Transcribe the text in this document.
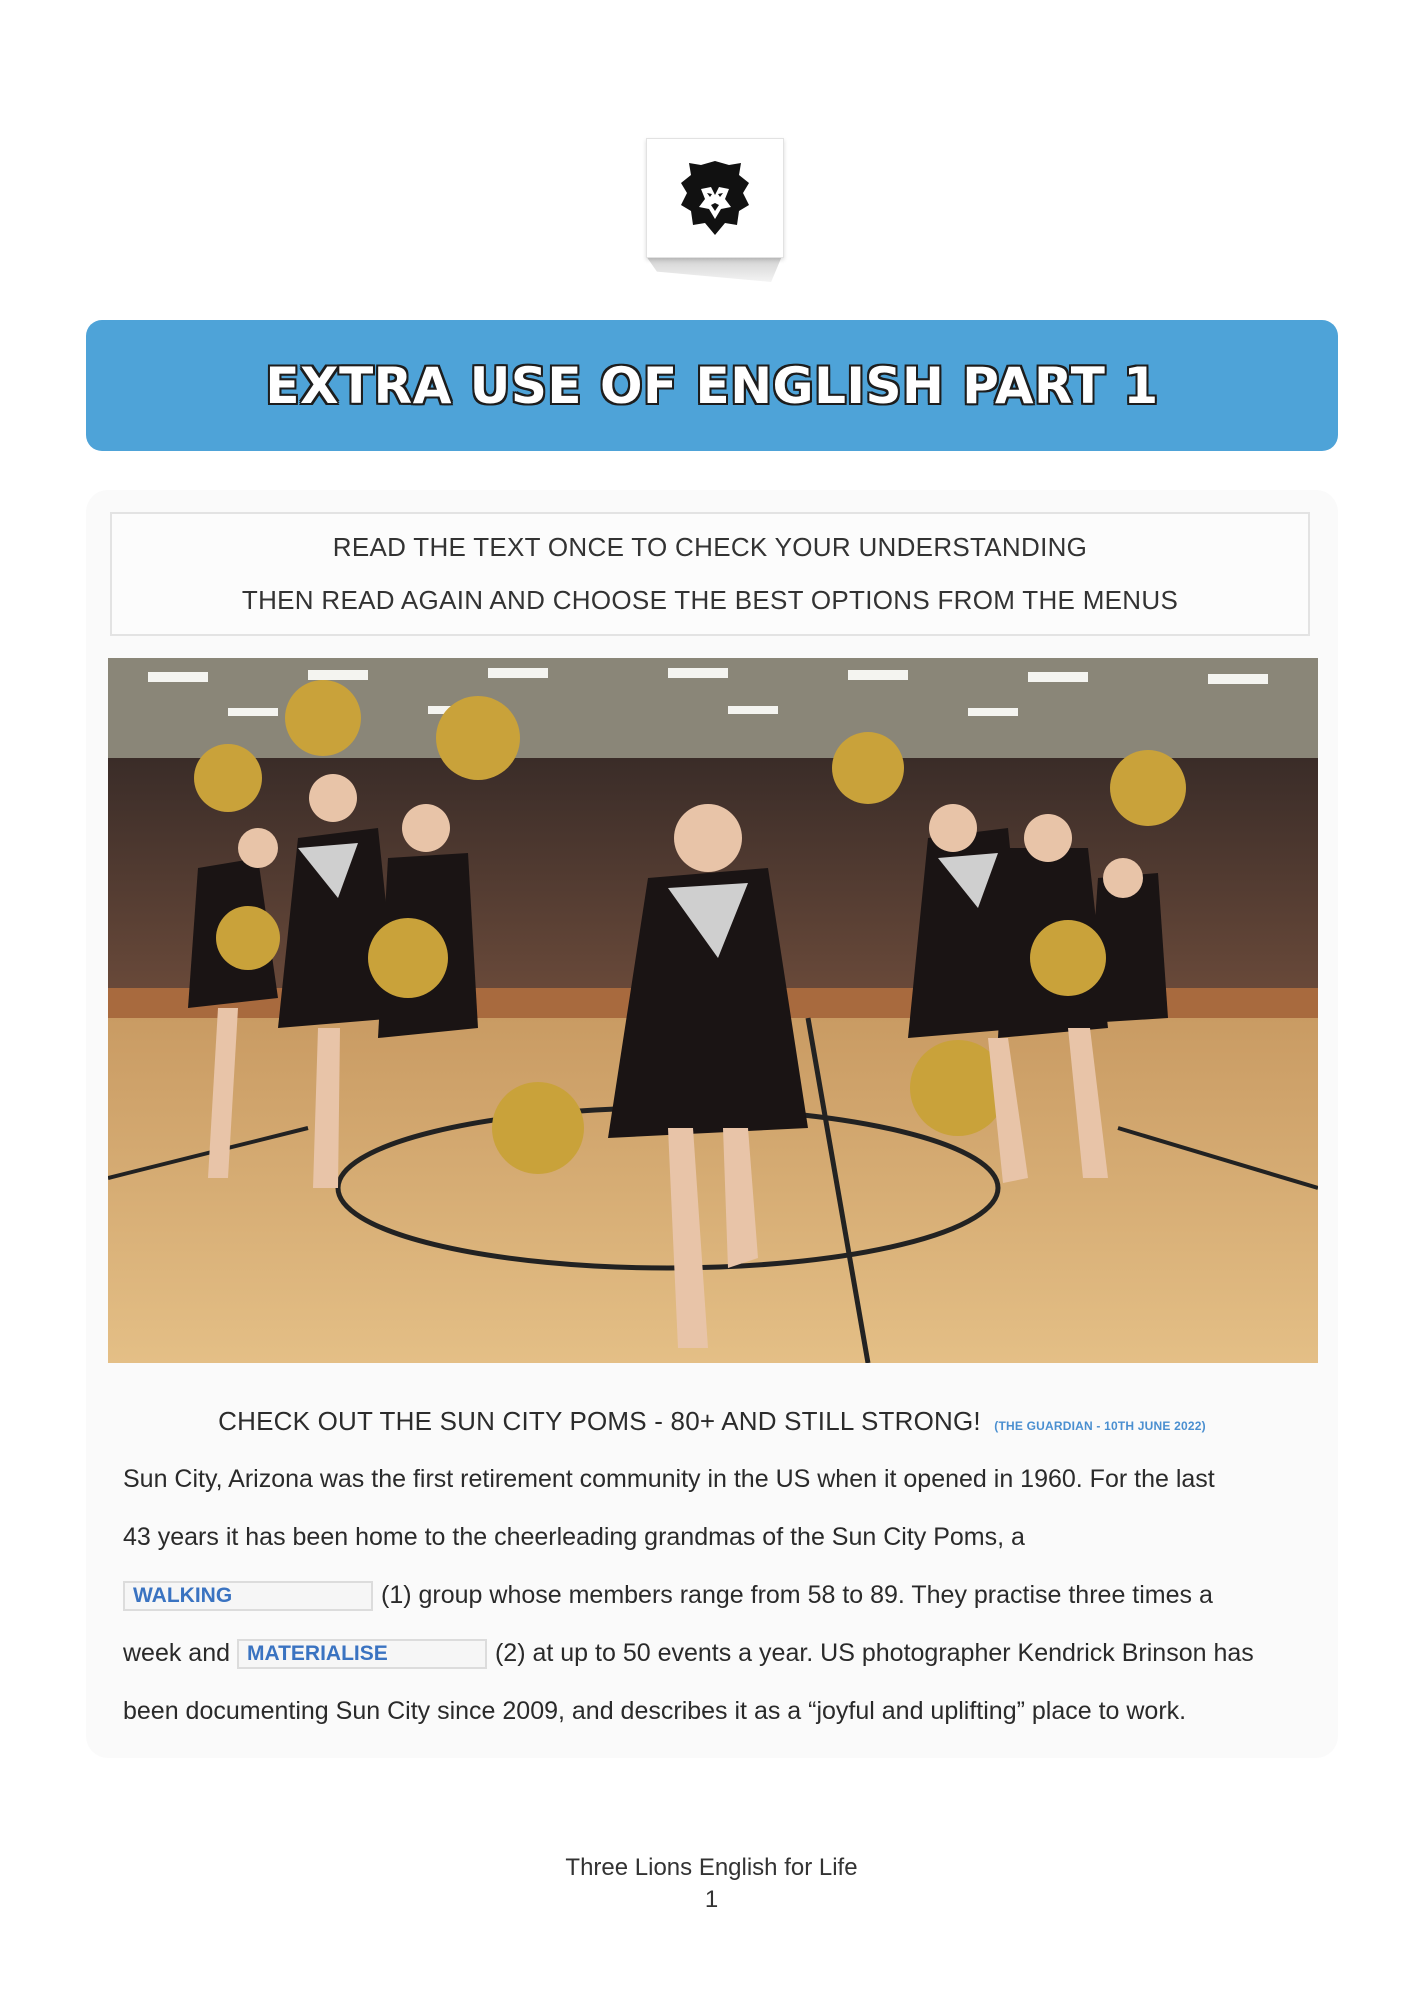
EXTRA USE OF ENGLISH PART 1
READ THE TEXT ONCE TO CHECK YOUR UNDERSTANDING
THEN READ AGAIN AND CHOOSE THE BEST OPTIONS FROM THE MENUS
CHECK OUT THE SUN CITY POMS - 80+ AND STILL STRONG! (THE GUARDIAN - 10TH JUNE 2022)
Sun City, Arizona was the first retirement community in the US when it opened in 1960. For the last
43 years it has been home to the cheerleading grandmas of the Sun City Poms, a
WALKING	(1) group whose members range from 58 to 89. They practise three times a
week and MATERIALISE	(2) at up to 50 events a year. US photographer Kendrick Brinson has
been documenting Sun City since 2009, and describes it as a “joyful and uplifting” place to work.
Three Lions English for Life
1
